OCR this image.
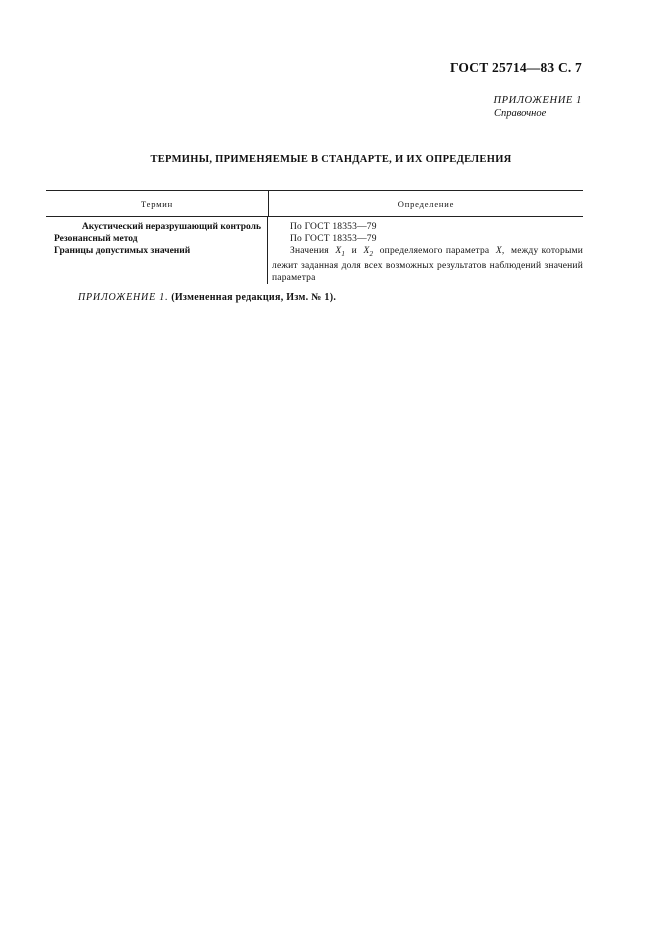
ГОСТ 25714—83 С. 7
ПРИЛОЖЕНИЕ 1
Справочное
ТЕРМИНЫ, ПРИМЕНЯЕМЫЕ В СТАНДАРТЕ, И ИХ ОПРЕДЕЛЕНИЯ
Термин	Определение
Акустический неразрушающий контроль
Резонансный метод
Границы допустимых значений
По ГОСТ 18353—79
По ГОСТ 18353—79
Значения $X_1$ и $X_2$ определяемого параметра X, между которыми лежит заданная доля всех возможных результатов наблюдений значений параметра
ПРИЛОЖЕНИЕ 1. (Измененная редакция, Изм. № 1).
